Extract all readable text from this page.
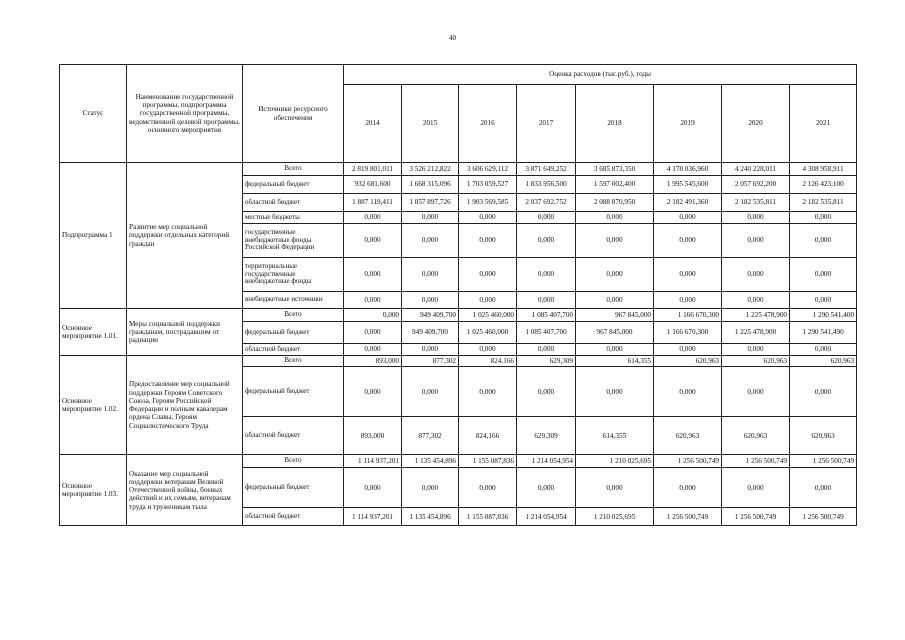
40
Статус	Наименование государственной программы, подпрограммы государственной программы, ведомственной целевой программы, основного мероприятия	Источники ресурсного обеспечения	Оценка расходов (тыс.руб.), годы							
			2014	2015	2016	2017	2018	2019	2020	2021
Подпрограмма 1	Развитие мер социальной поддержки отдельных категорий граждан	Всего	2 819 801,011	3 526 212,822	3 606 629,112	3 871 649,252	3 685 873,350	4 178 036,960	4 240 228,011	4 308 958,911
		федеральный бюджет	932 681,600	1 668 315,096	1 703 059,527	1 833 956,500	1 597 002,400	1 995 545,600	2 057 692,200	2 126 423,100
		областной бюджет	1 887 119,411	1 857 897,726	1 903 569,585	2 037 692,752	2 088 870,950	2 182 491,360	2 182 535,811	2 182 535,811
		местные бюджеты	0,000	0,000	0,000	0,000	0,000	0,000	0,000	0,000
		государственные внебюджетные фонды Российской Федерации	0,000	0,000	0,000	0,000	0,000	0,000	0,000	0,000
		территориальные государственные внебюджетные фонды	0,000	0,000	0,000	0,000	0,000	0,000	0,000	0,000
		внебюджетные источники	0,000	0,000	0,000	0,000	0,000	0,000	0,000	0,000
Основное мероприятие 1.01.	Меры социальной поддержки гражданам, пострадавшим от радиации	Всего	0,000	949 409,700	1 025 460,000	1 085 407,700	967 845,000	1 166 670,300	1 225 478,900	1 290 541,400
		федеральный бюджет	0,000	949 409,700	1 025 460,000	1 085 407,700	967 845,000	1 166 670,300	1 225 478,900	1 290 541,490
		областной бюджет	0,000	0,000	0,000	0,000	0,000	0,000	0,000	0,000
Основное мероприятие 1.02.	Предоставление мер социальной поддержки Героям Советского Союза, Героям Российской Федерации и полным кавалерам ордена Славы, Героям Социалистического Труда	Всего	893,000	877,302	824,166	629,309	614,355	620,963	620,963	620,963
		федеральный бюджет	0,000	0,000	0,000	0,000	0,000	0,000	0,000	0,000
		областной бюджет	893,000	877,302	824,166	629,309	614,355	620,963	620,963	620,963
Основное мероприятие 1.03.	Оказание мер социальной поддержки ветеранам Великой Отечественной войны, боевых действий и их семьям, ветеранам труда и труженикам тыла	Всего	1 114 937,201	1 135 454,896	1 155 087,836	1 214 054,954	1 210 025,695	1 256 500,749	1 256 500,749	1 256 500,749
		федеральный бюджет	0,000	0,000	0,000	0,000	0,000	0,000	0,000	0,000
		областной бюджет	1 114 937,201	1 135 454,896	1 155 087,836	1 214 054,954	1 210 025,695	1 256 500,749	1 256 500,749	1 256 500,749
